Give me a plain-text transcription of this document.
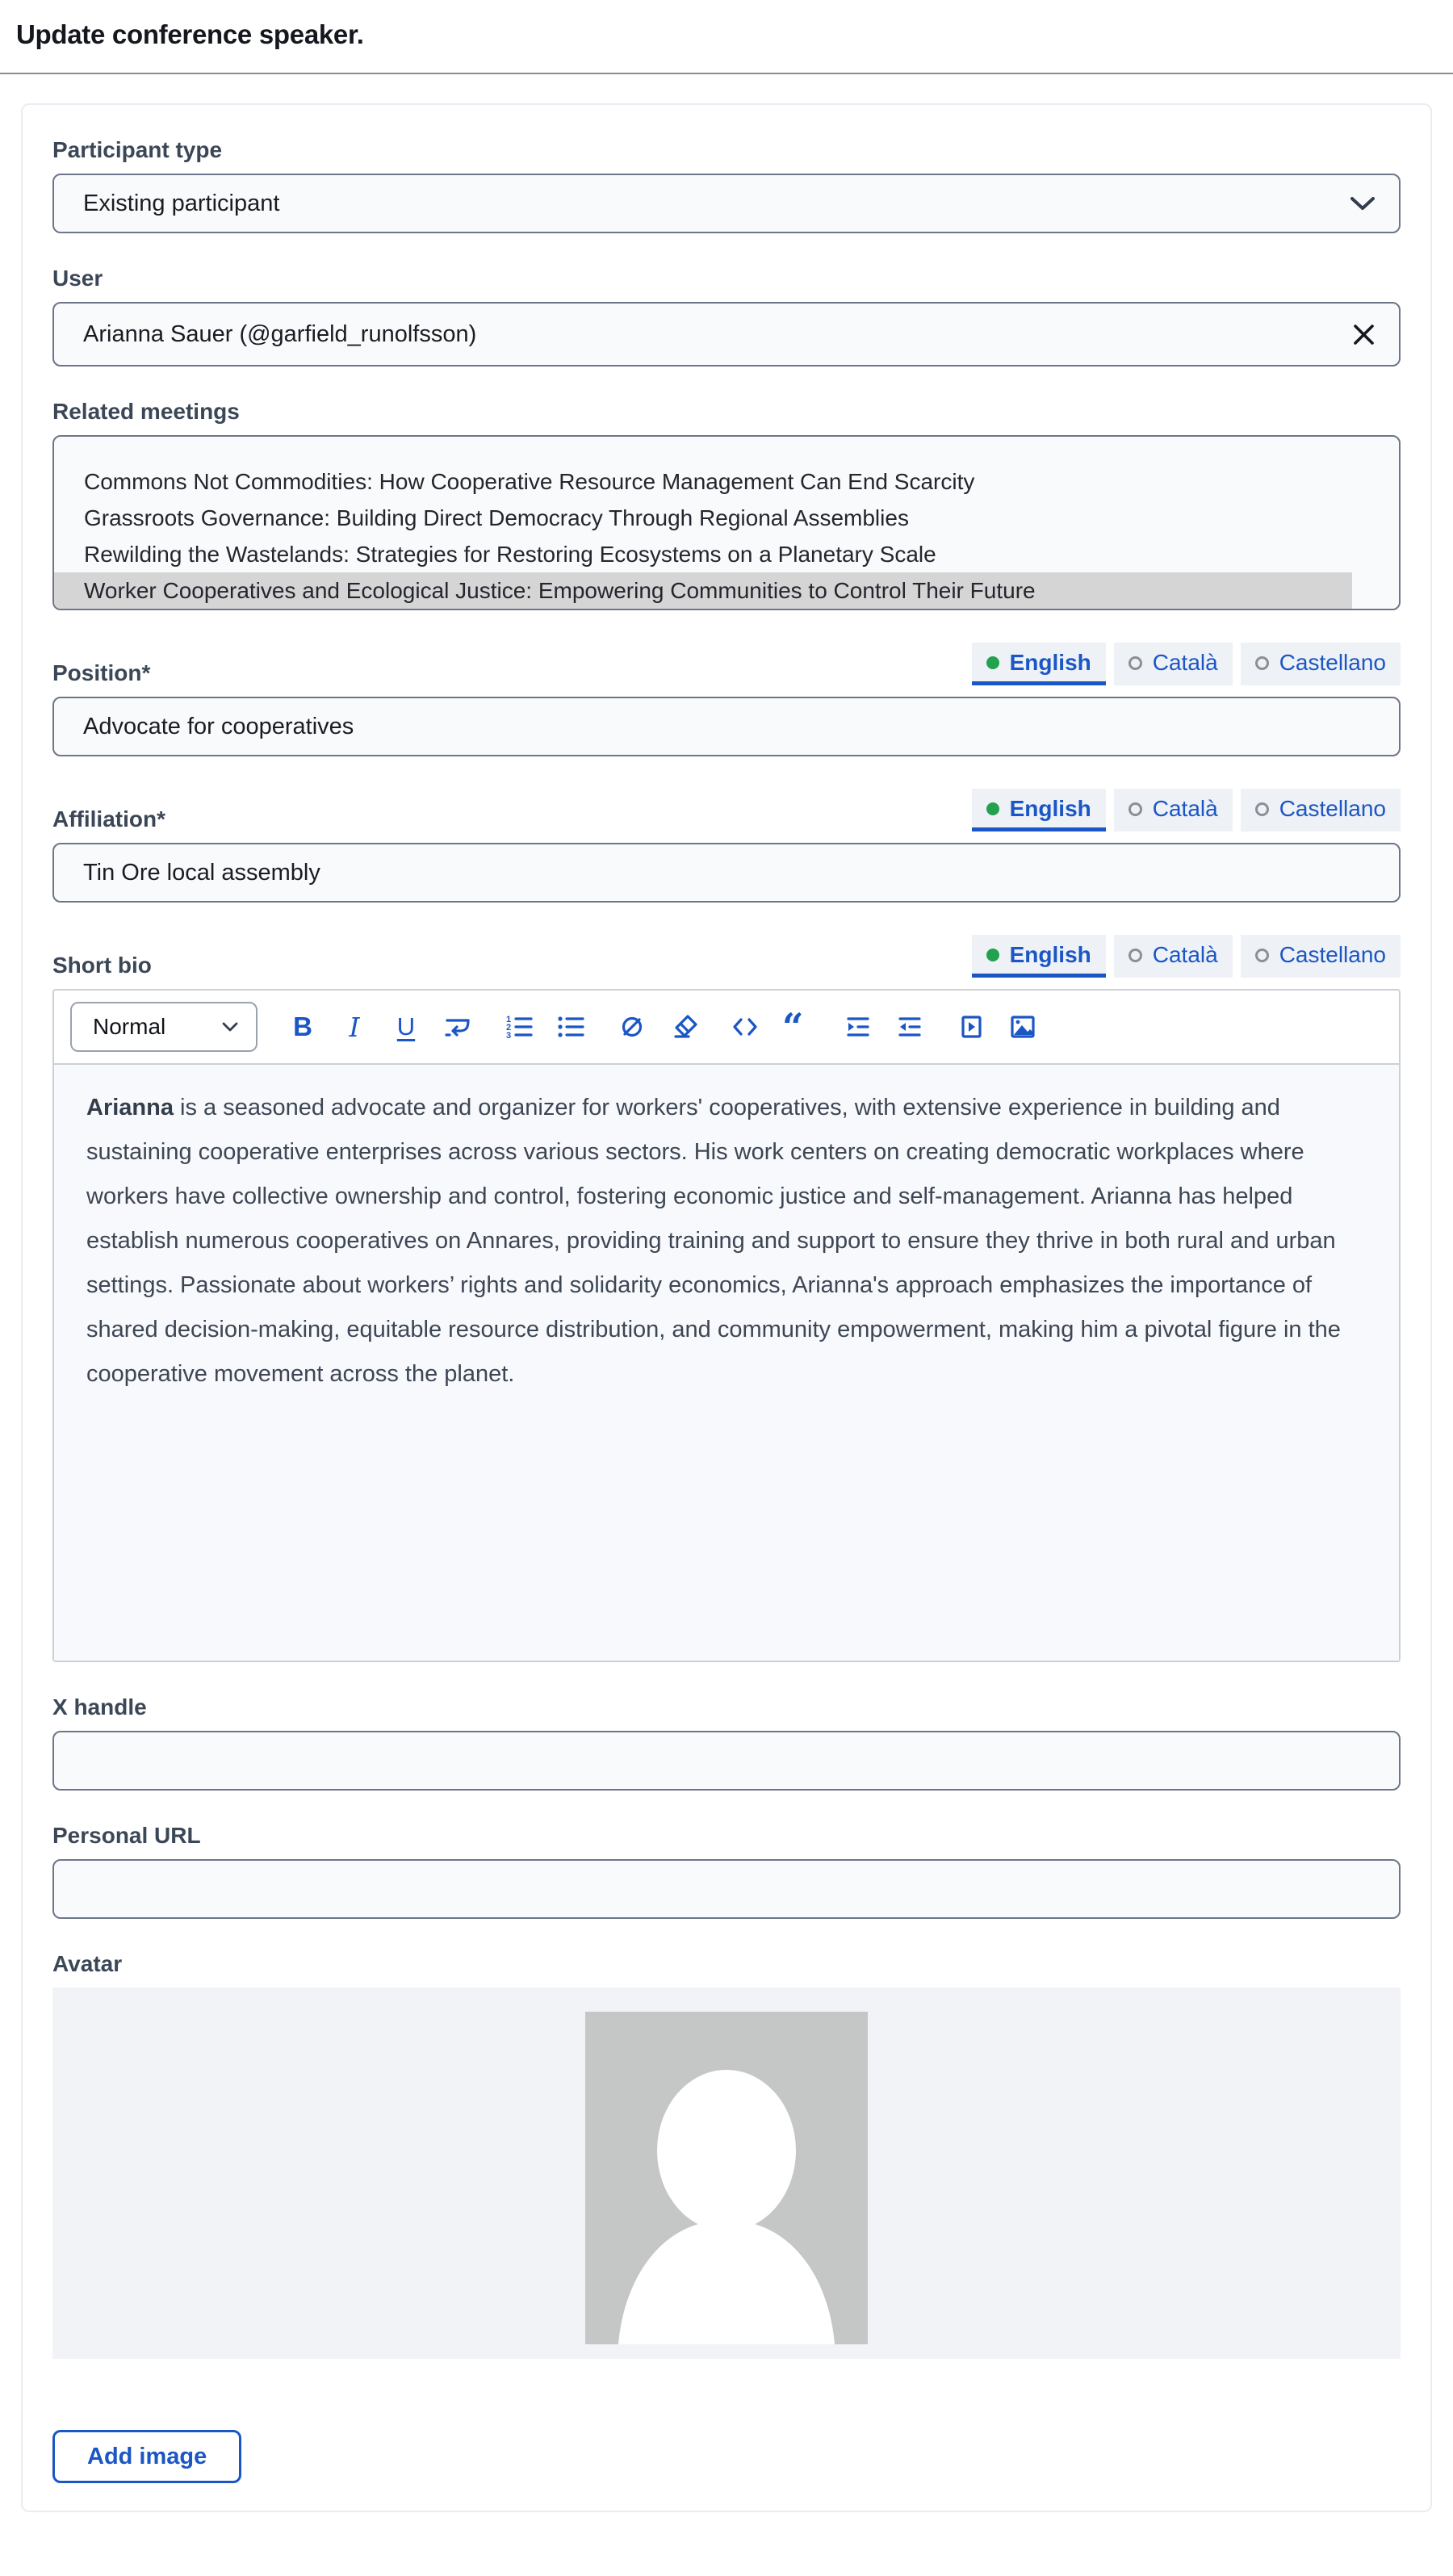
Update conference speaker.
Participant type
Existing participant
User
Arianna Sauer (@garfield_runolfsson)
Related meetings
Commons Not Commodities: How Cooperative Resource Management Can End Scarcity
Grassroots Governance: Building Direct Democracy Through Regional Assemblies
Rewilding the Wastelands: Strategies for Restoring Ecosystems on a Planetary Scale
Worker Cooperatives and Ecological Justice: Empowering Communities to Control Their Future
Position*	English	Català	Castellano
Advocate for cooperatives
Affiliation*	English	Català	Castellano
Tin Ore local assembly
Short bio	English	Català	Castellano
Normal	B I U	1
2
3	“
Arianna is a seasoned advocate and organizer for workers' cooperatives, with extensive experience in building and sustaining cooperative enterprises across various sectors. His work centers on creating democratic workplaces where workers have collective ownership and control, fostering economic justice and self-management. Arianna has helped establish numerous cooperatives on Annares, providing training and support to ensure they thrive in both rural and urban settings. Passionate about workers’ rights and solidarity economics, Arianna's approach emphasizes the importance of shared decision-making, equitable resource distribution, and community empowerment, making him a pivotal figure in the cooperative movement across the planet.
X handle
Personal URL
Avatar
Add image
